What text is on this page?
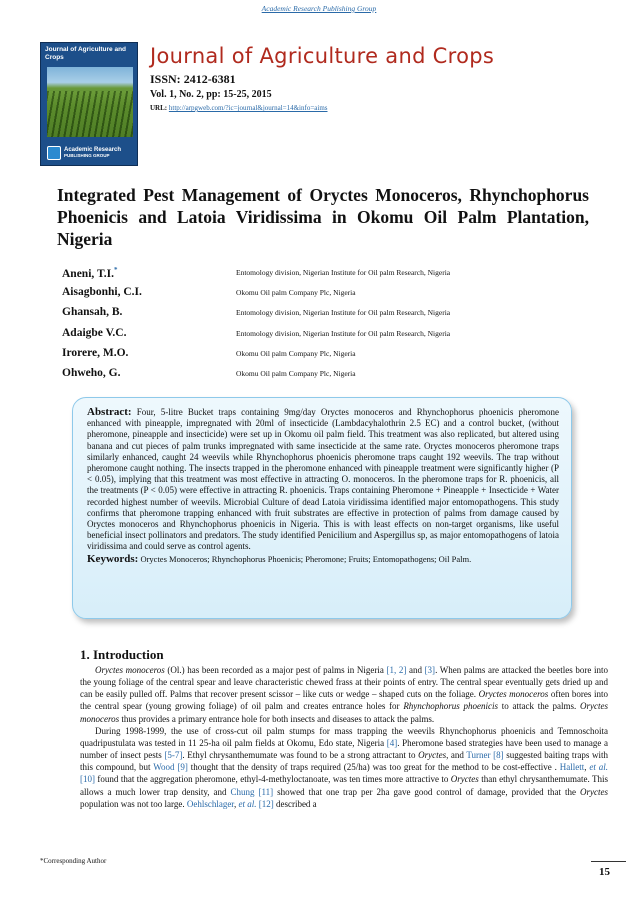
Academic Research Publishing Group
Journal of Agriculture and Crops
Academic Research
PUBLISHING GROUP
Journal of Agriculture and Crops
ISSN: 2412-6381
Vol. 1, No. 2, pp: 15-25, 2015
URL: http://arpgweb.com/?ic=journal&journal=14&info=aims
Integrated Pest Management of Oryctes Monoceros, Rhynchophorus Phoenicis and Latoia Viridissima in Okomu Oil Palm Plantation, Nigeria
Aneni, T.I.*	Entomology division, Nigerian Institute for Oil palm Research, Nigeria
Aisagbonhi, C.I.	Okomu Oil palm Company Plc, Nigeria
Ghansah, B.	Entomology division, Nigerian Institute for Oil palm Research, Nigeria
Adaigbe V.C.	Entomology division, Nigerian Institute for Oil palm Research, Nigeria
Irorere, M.O.	Okomu Oil palm Company Plc, Nigeria
Ohweho, G.	Okomu Oil palm Company Plc, Nigeria
Abstract: Four, 5-litre Bucket traps containing 9mg/day Oryctes monoceros and Rhynchophorus phoenicis pheromone enhanced with pineapple, impregnated with 20ml of insecticide (Lambdacyhalothrin 2.5 EC) and a control bucket, (without pheromone, pineapple and insecticide) were set up in Okomu oil palm field. This treatment was also replicated, but altered using banana and cut pieces of palm trunks impregnated with same insecticide at the same rate. Oryctes monoceros pheromone traps similarly enhanced, caught 24 weevils while Rhynchophorus phoenicis pheromone traps caught 192 weevils. The trap without pheromone caught nothing. The insects trapped in the pheromone enhanced with pineapple treatment were significantly higher (P < 0.05), implying that this treatment was most effective in attracting O. monoceros. In the pheromone traps for R. phoenicis, all the treatments (P < 0.05) were effective in attracting R. phoenicis. Traps containing Pheromone + Pineapple + Insecticide + Water recorded highest number of weevils. Microbial Culture of dead Latoia viridissima identified major entomopathogens. This study confirms that pheromone trapping enhanced with fruit substrates are effective in protection of palms from damage caused by Oryctes monoceros and Rhynchophorus phoenicis in Nigeria. This is with least effects on non-target organisms, like useful beneficial insect pollinators and predators. The study identified Penicilium and Aspergillus sp, as major entomopathogens of latoia viridissima and could serve as control agents.
Keywords: Oryctes Monoceros; Rhynchophorus Phoenicis; Pheromone; Fruits; Entomopathogens; Oil Palm.
1. Introduction

Oryctes monoceros (Ol.) has been recorded as a major pest of palms in Nigeria [1, 2] and [3]. When palms are attacked the beetles bore into the young foliage of the central spear and leave characteristic chewed frass at their points of entry. The central spear eventually gets dried up and can be easily pulled off. Palms that recover present scissor – like cuts or wedge – shaped cuts on the foliage. Oryctes monoceros often bores into the central spear (young growing foliage) of oil palm and creates entrance holes for Rhynchophorus phoenicis to attack the palms. Oryctes monoceros thus provides a primary entrance hole for both insects and diseases to attack the palms.

During 1998-1999, the use of cross-cut oil palm stumps for mass trapping the weevils Rhynchophorus phoenicis and Temnoschoita quadripustulata was tested in 11 25-ha oil palm fields at Okomu, Edo state, Nigeria [4]. Pheromone based strategies have been used to manage a number of insect pests [5-7]. Ethyl chrysanthemumate was found to be a strong attractant to Oryctes, and Turner [8] suggested baiting traps with this compound, but Wood [9] thought that the density of traps required (25/ha) was too great for the method to be cost-effective . Hallett, et al. [10] found that the aggregation pheromone, ethyl-4-methyloctanoate, was ten times more attractive to Oryctes than ethyl chrysanthemumate. This allows a much lower trap density, and Chung [11] showed that one trap per 2ha gave good control of damage, provided that the Oryctes population was not too large. Oehlschlager, et al. [12] described a

*Corresponding Author
15
